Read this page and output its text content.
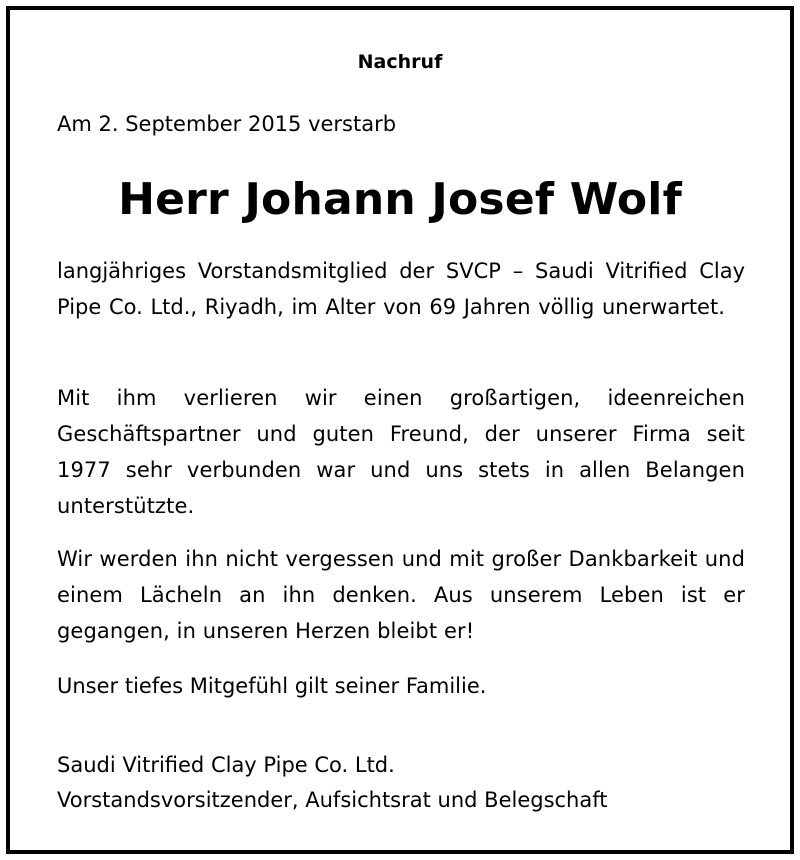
Nachruf
Am 2. September 2015 verstarb
Herr Johann Josef Wolf

langjähriges Vorstandsmitglied der SVCP – Saudi Vitrified Clay Pipe Co. Ltd., Riyadh, im Alter von 69 Jahren völlig unerwartet.

Mit ihm verlieren wir einen großartigen, ideenreichen Geschäftspartner und guten Freund, der unserer Firma seit 1977 sehr verbunden war und uns stets in allen Belangen unterstützte.

Wir werden ihn nicht vergessen und mit großer Dankbarkeit und einem Lächeln an ihn denken. Aus unserem Leben ist er gegangen, in unseren Herzen bleibt er!

Unser tiefes Mitgefühl gilt seiner Familie.

Saudi Vitrified Clay Pipe Co. Ltd.
Vorstandsvorsitzender, Aufsichtsrat und Belegschaft
